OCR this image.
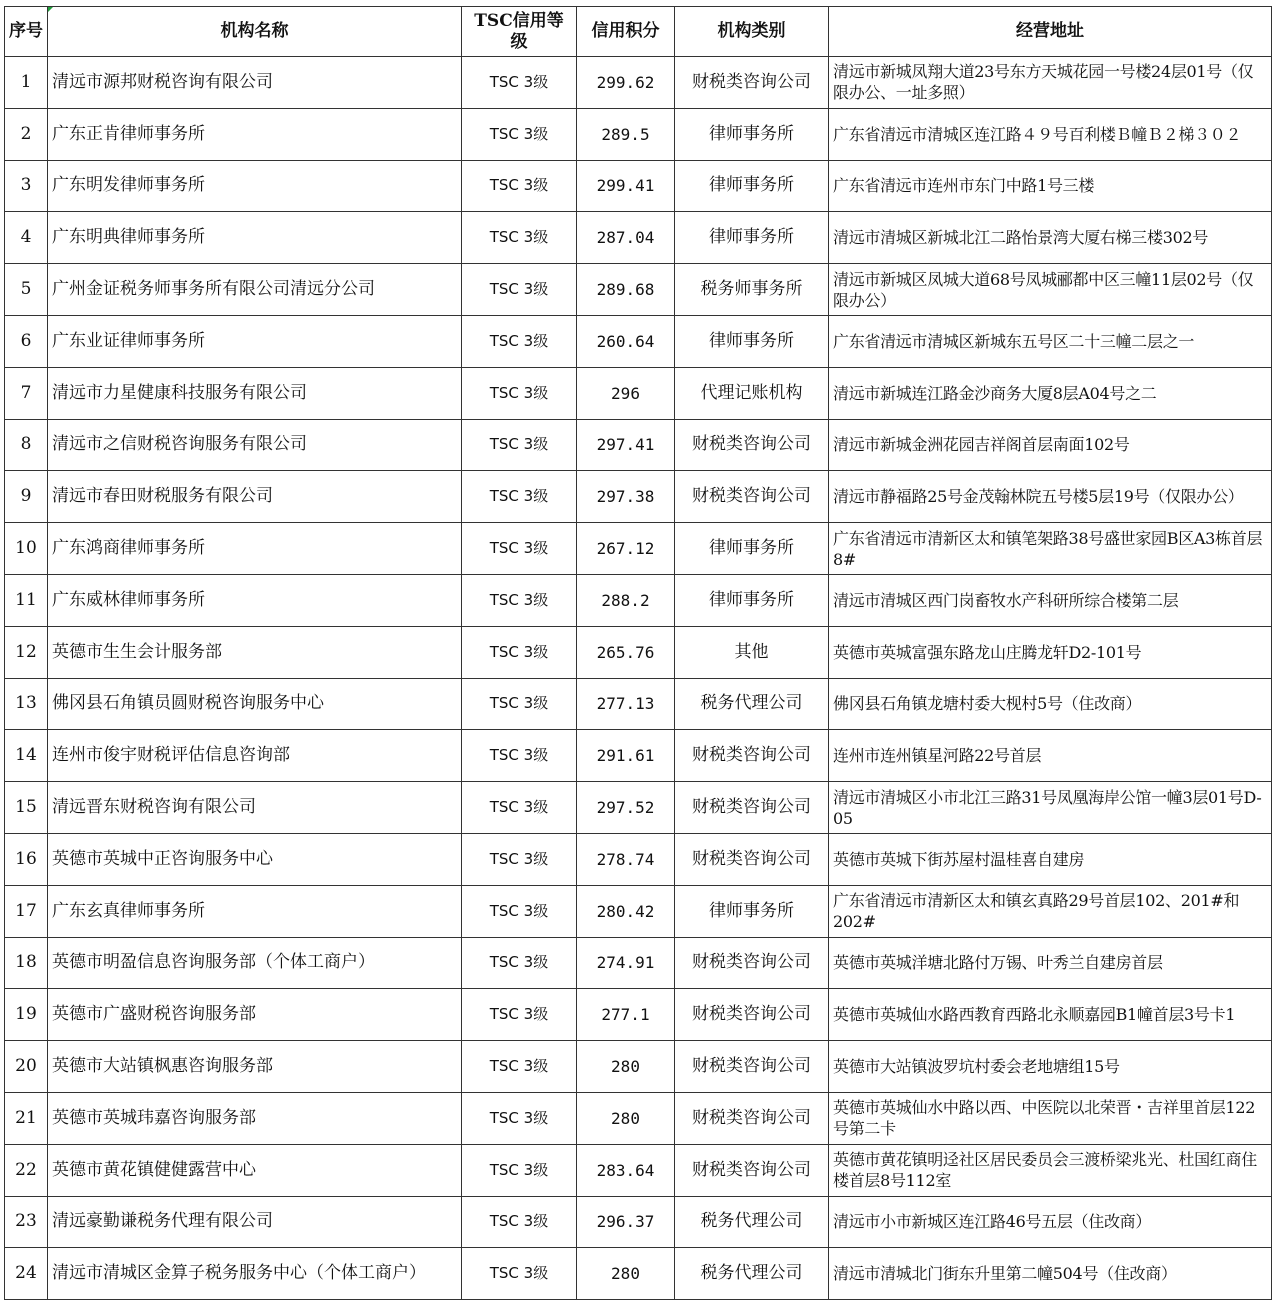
序号	机构名称	TSC信用等级	信用积分	机构类别	经营地址
1	清远市源邦财税咨询有限公司	TSC 3级	299.62	财税类咨询公司	清远市新城凤翔大道23号东方天城花园一号楼24层01号（仅限办公、一址多照）
2	广东正肯律师事务所	TSC 3级	289.5	律师事务所	广东省清远市清城区连江路４９号百利楼Ｂ幢Ｂ２梯３０２
3	广东明发律师事务所	TSC 3级	299.41	律师事务所	广东省清远市连州市东门中路1号三楼
4	广东明典律师事务所	TSC 3级	287.04	律师事务所	清远市清城区新城北江二路怡景湾大厦右梯三楼302号
5	广州金证税务师事务所有限公司清远分公司	TSC 3级	289.68	税务师事务所	清远市新城区凤城大道68号凤城郦都中区三幢11层02号（仅限办公）
6	广东业证律师事务所	TSC 3级	260.64	律师事务所	广东省清远市清城区新城东五号区二十三幢二层之一
7	清远市力星健康科技服务有限公司	TSC 3级	296	代理记账机构	清远市新城连江路金沙商务大厦8层A04号之二
8	清远市之信财税咨询服务有限公司	TSC 3级	297.41	财税类咨询公司	清远市新城金洲花园吉祥阁首层南面102号
9	清远市春田财税服务有限公司	TSC 3级	297.38	财税类咨询公司	清远市静福路25号金茂翰林院五号楼5层19号（仅限办公）
10	广东鸿商律师事务所	TSC 3级	267.12	律师事务所	广东省清远市清新区太和镇笔架路38号盛世家园B区A3栋首层8#
11	广东威林律师事务所	TSC 3级	288.2	律师事务所	清远市清城区西门岗畜牧水产科研所综合楼第二层
12	英德市生生会计服务部	TSC 3级	265.76	其他	英德市英城富强东路龙山庄腾龙轩D2-101号
13	佛冈县石角镇员圆财税咨询服务中心	TSC 3级	277.13	税务代理公司	佛冈县石角镇龙塘村委大枧村5号（住改商）
14	连州市俊宇财税评估信息咨询部	TSC 3级	291.61	财税类咨询公司	连州市连州镇星河路22号首层
15	清远晋东财税咨询有限公司	TSC 3级	297.52	财税类咨询公司	清远市清城区小市北江三路31号凤凰海岸公馆一幢3层01号D-05
16	英德市英城中正咨询服务中心	TSC 3级	278.74	财税类咨询公司	英德市英城下街苏屋村温桂喜自建房
17	广东玄真律师事务所	TSC 3级	280.42	律师事务所	广东省清远市清新区太和镇玄真路29号首层102、201#和202#
18	英德市明盈信息咨询服务部（个体工商户）	TSC 3级	274.91	财税类咨询公司	英德市英城洋塘北路付万锡、叶秀兰自建房首层
19	英德市广盛财税咨询服务部	TSC 3级	277.1	财税类咨询公司	英德市英城仙水路西教育西路北永顺嘉园B1幢首层3号卡1
20	英德市大站镇枫惠咨询服务部	TSC 3级	280	财税类咨询公司	英德市大站镇波罗坑村委会老地塘组15号
21	英德市英城玮嘉咨询服务部	TSC 3级	280	财税类咨询公司	英德市英城仙水中路以西、中医院以北荣晋・吉祥里首层122号第二卡
22	英德市黄花镇健健露营中心	TSC 3级	283.64	财税类咨询公司	英德市黄花镇明迳社区居民委员会三渡桥梁兆光、杜国红商住楼首层8号112室
23	清远豪勤谦税务代理有限公司	TSC 3级	296.37	税务代理公司	清远市小市新城区连江路46号五层（住改商）
24	清远市清城区金算子税务服务中心（个体工商户）	TSC 3级	280	税务代理公司	清远市清城北门街东升里第二幢504号（住改商）
